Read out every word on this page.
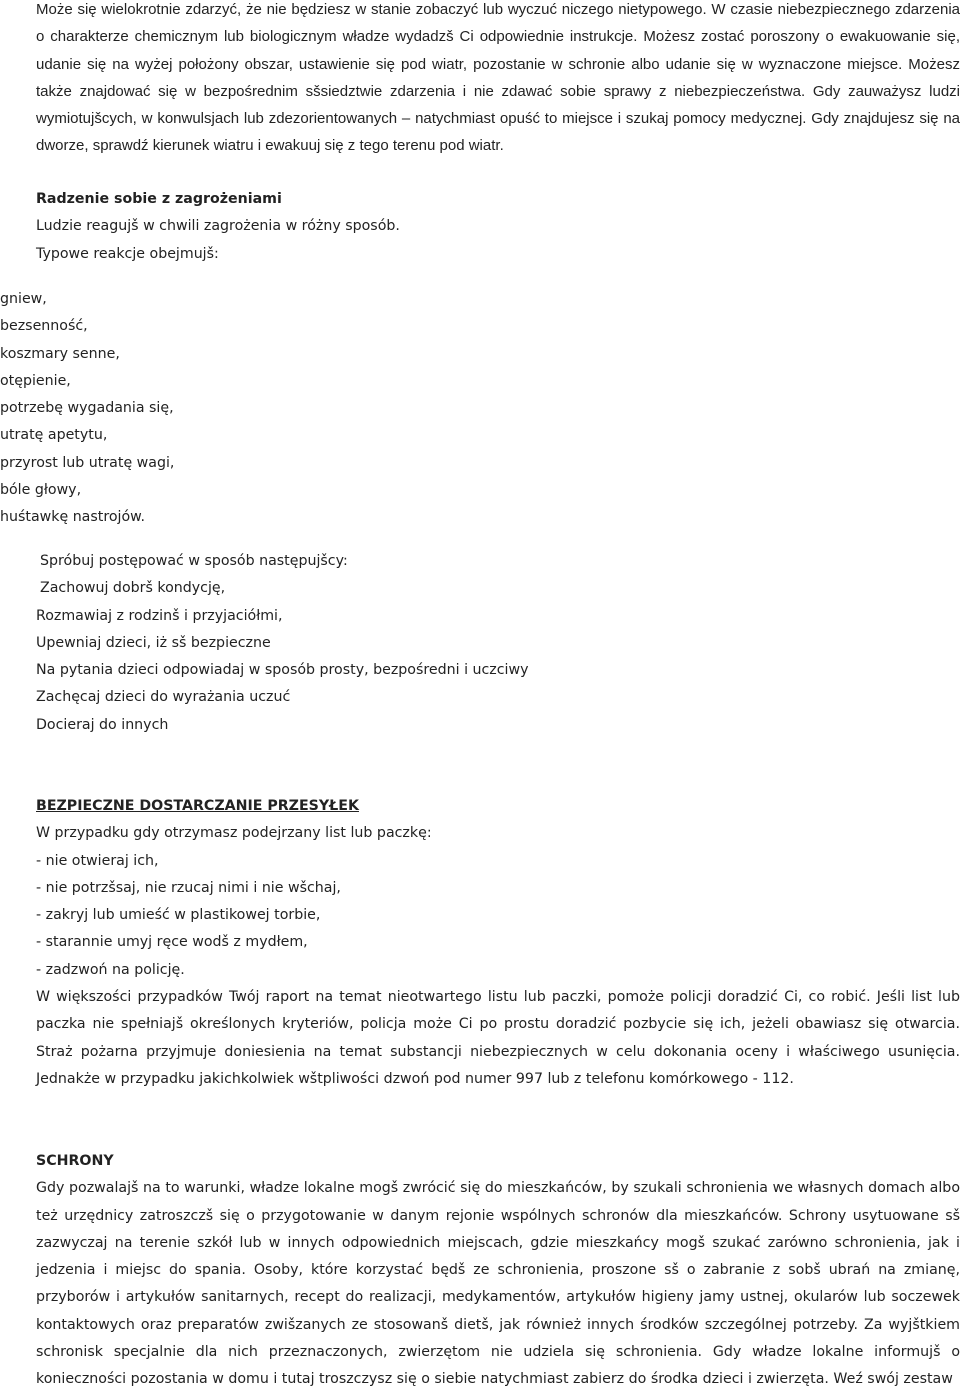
Może się wielokrotnie zdarzyć, że nie będziesz w stanie zobaczyć lub wyczuć niczego nietypowego. W czasie niebezpiecznego zdarzenia o charakterze chemicznym lub biologicznym władze wydadzš Ci odpowiednie instrukcje. Możesz zostać poroszony o ewakuowanie się, udanie się na wyżej położony obszar, ustawienie się pod wiatr, pozostanie w schronie albo udanie się w wyznaczone miejsce. Możesz także znajdować się w bezpośrednim sšsiedztwie zdarzenia i nie zdawać sobie sprawy z niebezpieczeństwa. Gdy zauważysz ludzi wymiotujšcych, w konwulsjach lub zdezorientowanych – natychmiast opuść to miejsce i szukaj pomocy medycznej. Gdy znajdujesz się na dworze, sprawdź kierunek wiatru i ewakuuj się z tego terenu pod wiatr.
Radzenie sobie z zagrożeniami
Ludzie reagujš w chwili zagrożenia w różny sposób.
Typowe reakcje obejmujš:
gniew,
bezsenność,
koszmary senne,
otępienie,
potrzebę wygadania się,
utratę apetytu,
przyrost lub utratę wagi,
bóle głowy,
huśtawkę nastrojów.
Spróbuj postępować w sposób następujšcy:
Zachowuj dobrš kondycję,
Rozmawiaj z rodzinš i przyjaciółmi,
Upewniaj dzieci, iż sš bezpieczne
Na pytania dzieci odpowiadaj w sposób prosty, bezpośredni i uczciwy
Zachęcaj dzieci do wyrażania uczuć
Docieraj do innych
BEZPIECZNE DOSTARCZANIE PRZESYŁEK
W przypadku gdy otrzymasz podejrzany list lub paczkę:
- nie otwieraj ich,
- nie potrzšsaj, nie rzucaj nimi i nie wšchaj,
- zakryj lub umieść w plastikowej torbie,
- starannie umyj ręce wodš z mydłem,
- zadzwoń na policję.
W większości przypadków Twój raport na temat nieotwartego listu lub paczki, pomoże policji doradzić Ci, co robić. Jeśli list lub paczka nie spełniajš określonych kryteriów, policja może Ci po prostu doradzić pozbycie się ich, jeżeli obawiasz się otwarcia. Straż pożarna przyjmuje doniesienia na temat substancji niebezpiecznych w celu dokonania oceny i właściwego usunięcia. Jednakże w przypadku jakichkolwiek wštpliwości dzwoń pod numer 997 lub z telefonu komórkowego - 112.
SCHRONY
Gdy pozwalajš na to warunki, władze lokalne mogš zwrócić się do mieszkańców, by szukali schronienia we własnych domach albo też urzędnicy zatroszczš się o przygotowanie w danym rejonie wspólnych schronów dla mieszkańców. Schrony usytuowane sš zazwyczaj na terenie szkół lub w innych odpowiednich miejscach, gdzie mieszkańcy mogš szukać zarówno schronienia, jak i jedzenia i miejsc do spania. Osoby, które korzystać będš ze schronienia, proszone sš o zabranie z sobš ubrań na zmianę, przyborów i artykułów sanitarnych, recept do realizacji, medykamentów, artykułów higieny jamy ustnej, okularów lub soczewek kontaktowych oraz preparatów zwišzanych ze stosowanš dietš, jak również innych środków szczególnej potrzeby. Za wyjštkiem schronisk specjalnie dla nich przeznaczonych, zwierzętom nie udziela się schronienia. Gdy władze lokalne informujš o konieczności pozostania w domu i tutaj troszczysz się o siebie natychmiast zabierz do środka dzieci i zwierzęta. Weź swój zestaw
